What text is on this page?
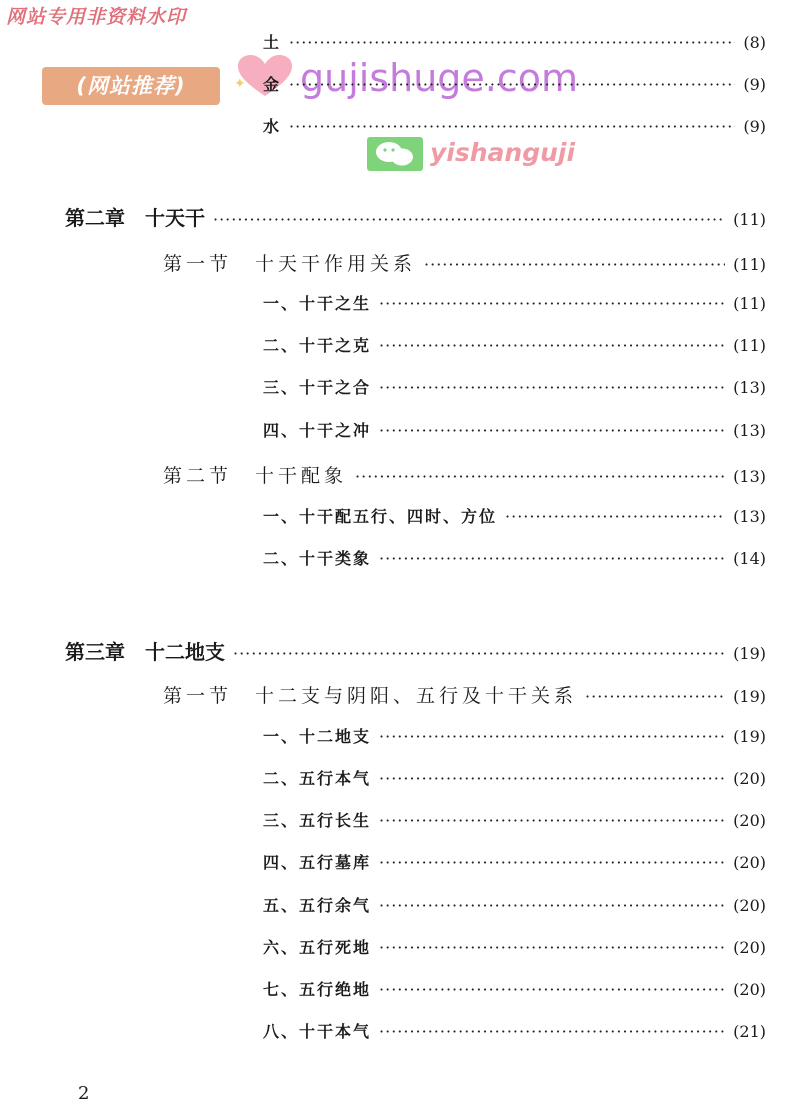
网站专用非资料水印
(网站推荐)	✦ gujishuge.com
yishanguji
土 ·····	(8)
金 ·····	(9)
水 ·····	(9)
第二章　十天干 ·····	(11)
第一节　十天干作用关系 ·····	(11)
一、十干之生 ·····	(11)
二、十干之克 ·····	(11)
三、十干之合 ·····	(13)
四、十干之冲 ·····	(13)
第二节　十干配象 ·····	(13)
一、十干配五行、四时、方位 ·····	(13)
二、十干类象 ·····	(14)
第三章　十二地支 ·····	(19)
第一节　十二支与阴阳、五行及十干关系 ·····	(19)
一、十二地支 ·····	(19)
二、五行本气 ·····	(20)
三、五行长生 ·····	(20)
四、五行墓库 ·····	(20)
五、五行余气 ·····	(20)
六、五行死地 ·····	(20)
七、五行绝地 ·····	(20)
八、十干本气 ·····	(21)
2
